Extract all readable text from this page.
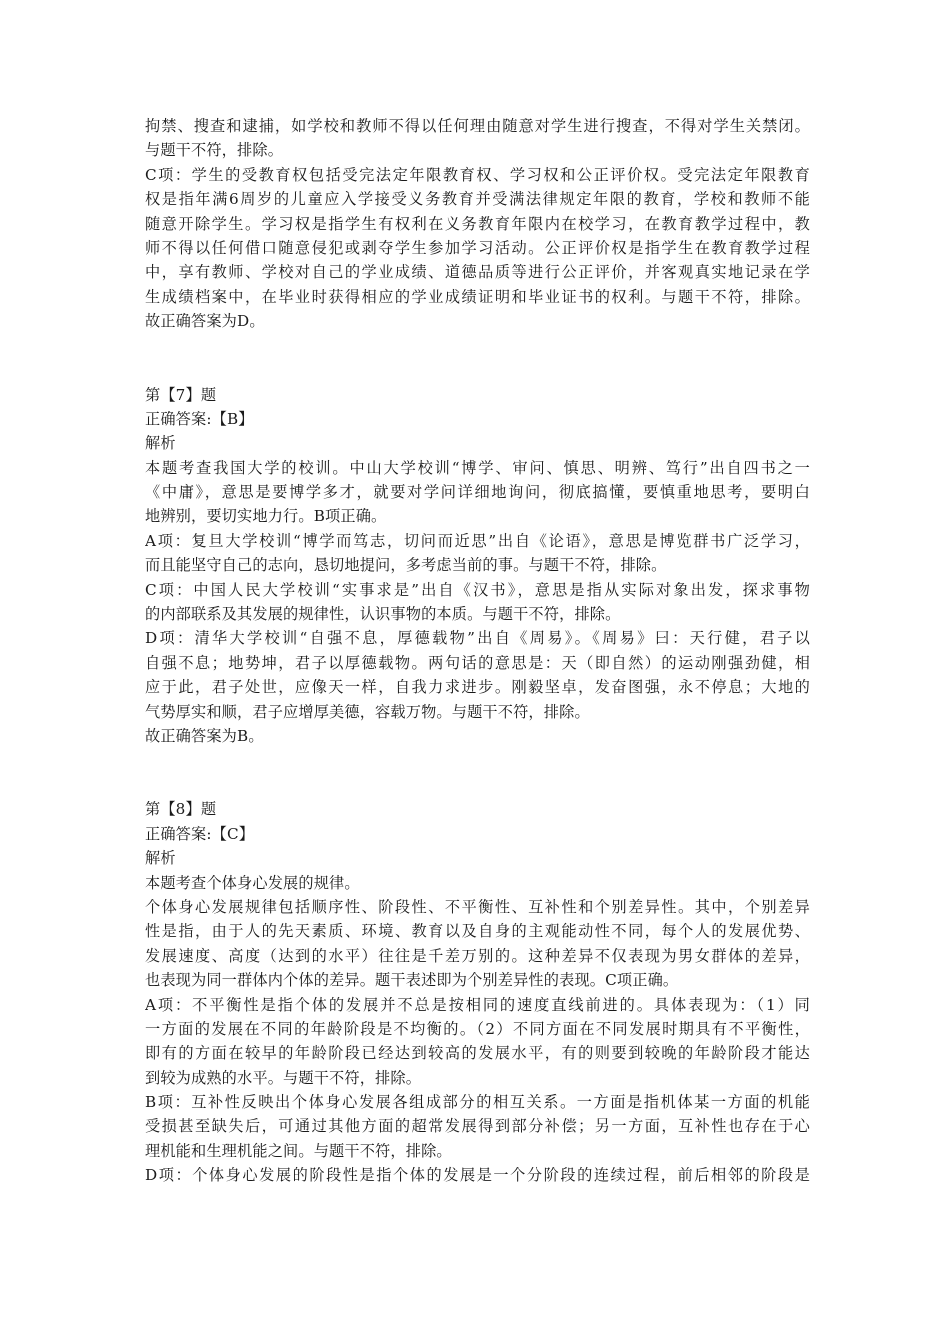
拘禁、搜查和逮捕，如学校和教师不得以任何理由随意对学生进行搜查，不得对学生关禁闭。
与题干不符，排除。
C项：学生的受教育权包括受完法定年限教育权、学习权和公正评价权。受完法定年限教育
权是指年满6周岁的儿童应入学接受义务教育并受满法律规定年限的教育，学校和教师不能
随意开除学生。学习权是指学生有权利在义务教育年限内在校学习，在教育教学过程中，教
师不得以任何借口随意侵犯或剥夺学生参加学习活动。公正评价权是指学生在教育教学过程
中，享有教师、学校对自己的学业成绩、道德品质等进行公正评价，并客观真实地记录在学
生成绩档案中，在毕业时获得相应的学业成绩证明和毕业证书的权利。与题干不符，排除。
故正确答案为D。
第【7】题
正确答案:【B】
解析
本题考查我国大学的校训。中山大学校训“博学、审问、慎思、明辨、笃行”出自四书之一
《中庸》，意思是要博学多才，就要对学问详细地询问，彻底搞懂，要慎重地思考，要明白
地辨别，要切实地力行。B项正确。
A项：复旦大学校训“博学而笃志，切问而近思”出自《论语》，意思是博览群书广泛学习，
而且能坚守自己的志向，恳切地提问，多考虑当前的事。与题干不符，排除。
C项：中国人民大学校训“实事求是”出自《汉书》，意思是指从实际对象出发，探求事物
的内部联系及其发展的规律性，认识事物的本质。与题干不符，排除。
D项：清华大学校训“自强不息，厚德载物”出自《周易》。《周易》曰：天行健，君子以
自强不息；地势坤，君子以厚德载物。两句话的意思是：天（即自然）的运动刚强劲健，相
应于此，君子处世，应像天一样，自我力求进步。刚毅坚卓，发奋图强，永不停息；大地的
气势厚实和顺，君子应增厚美德，容载万物。与题干不符，排除。
故正确答案为B。
第【8】题
正确答案:【C】
解析
本题考查个体身心发展的规律。
个体身心发展规律包括顺序性、阶段性、不平衡性、互补性和个别差异性。其中，个别差异
性是指，由于人的先天素质、环境、教育以及自身的主观能动性不同，每个人的发展优势、
发展速度、高度（达到的水平）往往是千差万别的。这种差异不仅表现为男女群体的差异，
也表现为同一群体内个体的差异。题干表述即为个别差异性的表现。C项正确。
A项：不平衡性是指个体的发展并不总是按相同的速度直线前进的。具体表现为：（1）同
一方面的发展在不同的年龄阶段是不均衡的。（2）不同方面在不同发展时期具有不平衡性，
即有的方面在较早的年龄阶段已经达到较高的发展水平，有的则要到较晚的年龄阶段才能达
到较为成熟的水平。与题干不符，排除。
B项：互补性反映出个体身心发展各组成部分的相互关系。一方面是指机体某一方面的机能
受损甚至缺失后，可通过其他方面的超常发展得到部分补偿；另一方面，互补性也存在于心
理机能和生理机能之间。与题干不符，排除。
D项：个体身心发展的阶段性是指个体的发展是一个分阶段的连续过程，前后相邻的阶段是
